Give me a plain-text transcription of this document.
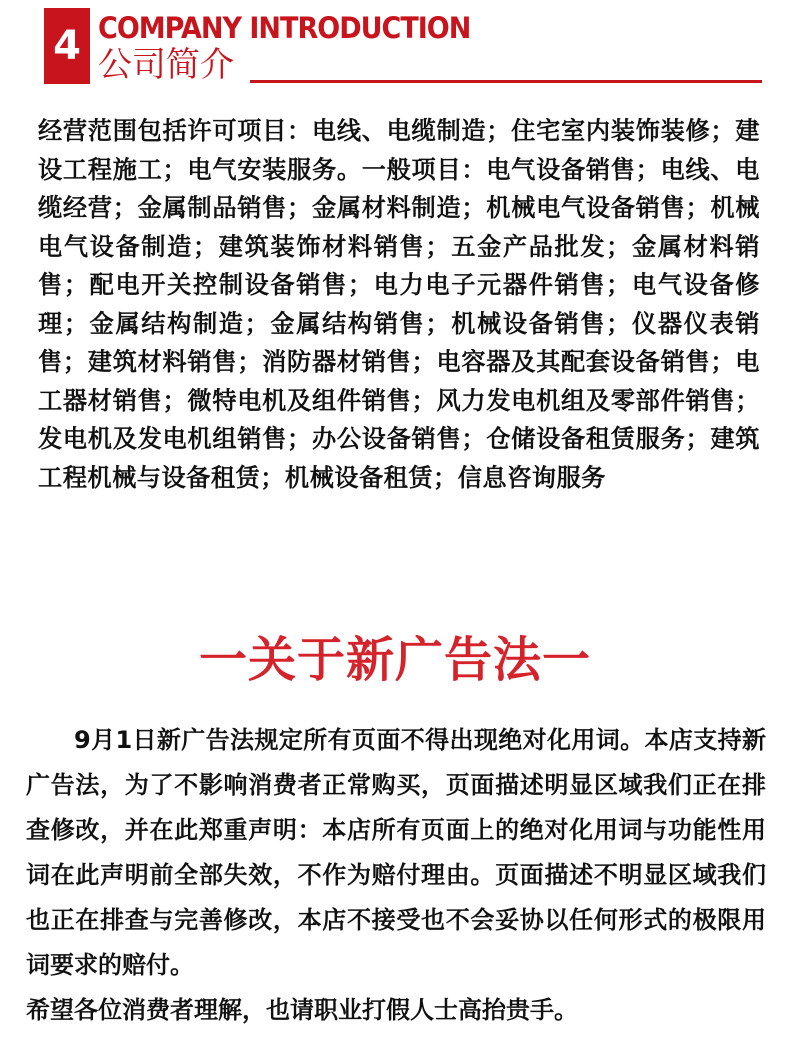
4 COMPANY INTRODUCTION
公司简介

经营范围包括许可项目：电线、电缆制造；住宅室内装饰装修；建设工程施工；电气安装服务。一般项目：电气设备销售；电线、电缆经营；金属制品销售；金属材料制造；机械电气设备销售；机械电气设备制造；建筑装饰材料销售；五金产品批发；金属材料销售；配电开关控制设备销售；电力电子元器件销售；电气设备修理；金属结构制造；金属结构销售；机械设备销售；仪器仪表销售；建筑材料销售；消防器材销售；电容器及其配套设备销售；电工器材销售；微特电机及组件销售；风力发电机组及零部件销售；发电机及发电机组销售；办公设备销售；仓储设备租赁服务；建筑工程机械与设备租赁；机械设备租赁；信息咨询服务

一关于新广告法一

9月1日新广告法规定所有页面不得出现绝对化用词。本店支持新广告法，为了不影响消费者正常购买，页面描述明显区域我们正在排查修改，并在此郑重声明：本店所有页面上的绝对化用词与功能性用词在此声明前全部失效，不作为赔付理由。页面描述不明显区域我们也正在排查与完善修改，本店不接受也不会妥协以任何形式的极限用词要求的赔付。

希望各位消费者理解，也请职业打假人士高抬贵手。
